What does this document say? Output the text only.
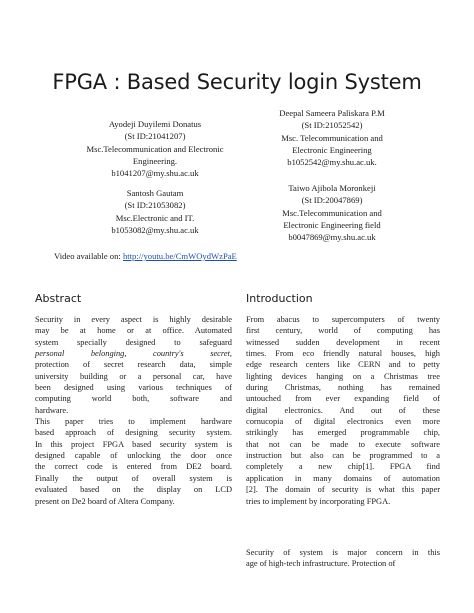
FPGA : Based Security login System
Ayodeji Duyilemi Donatus
(St ID:21041207)
Msc.Telecommunication and Electronic
Engineering.
b1041207@my.shu.ac.uk
Deepal Sameera Paliskara P.M
(St ID:21052542)
Msc. Telecommunication and
Electronic Engineering
b1052542@my.shu.ac.uk.
Santosh Gautam
(St ID:21053082)
Msc.Electronic and IT.
b1053082@my.shu.ac.uk
Taiwo Ajibola Moronkeji
(St ID:20047869)
Msc.Telecommunication and
Electronic Engineering field
b0047869@my.shu.ac.uk
Video available on: http://youtu.be/CmWOydWzPaE
Abstract
Security in every aspect is highly desirable
may be at home or at office. Automated
system specially designed to safeguard
personal belonging, country's secret,
protection of secret research data, simple
university building or a personal car, have
been designed using various techniques of
computing world both, software and
hardware.
This paper tries to implement hardware
based approach of designing security system.
In this project FPGA based security system is
designed capable of unlocking the door once
the correct code is entered from DE2 board.
Finally the output of overall system is
evaluated based on the display on LCD
present on De2 board of Altera Company.
Introduction
From abacus to supercomputers of twenty
first century, world of computing has
witnessed sudden development in recent
times. From eco friendly natural houses, high
edge research centers like CERN and to petty
lighting devices hanging on a Christmas tree
during Christmas, nothing has remained
untouched from ever expanding field of
digital electronics. And out of these
cornucopia of digital electronics even more
strikingly has emerged programmable chip,
that not can be made to execute software
instruction but also can be programmed to a
completely a new chip[1]. FPGA find
application in many domains of automation
[2]. The domain of security is what this paper
tries to implement by incorporating FPGA.
Security of system is major concern in this
age of high-tech infrastructure. Protection of
